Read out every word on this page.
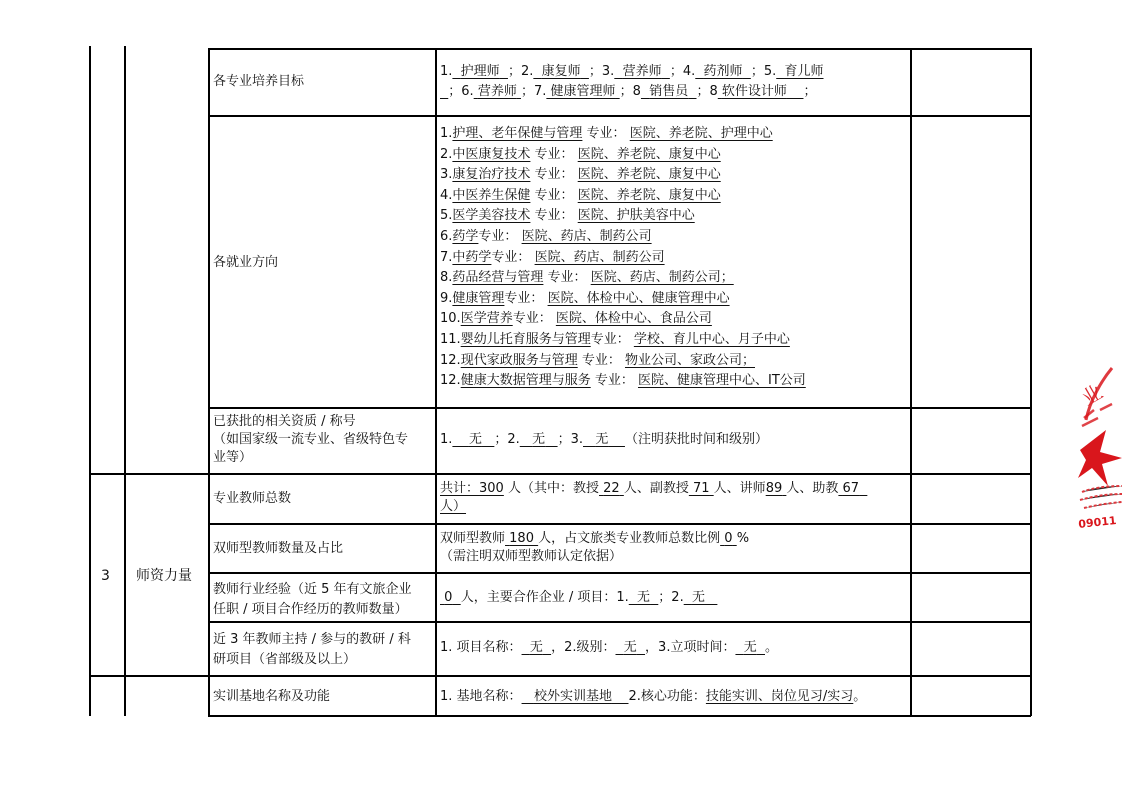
各专业培养目标
1. 护理师 ；2. 康复师 ；3. 营养师 ；4. 药剂师 ；5. 育儿师
；6. 营养师 ；7. 健康管理师 ；8 销售员 ；8 软件设计师 ；
各就业方向
1.护理、老年保健与管理 专业： 医院、养老院、护理中心
2.中医康复技术 专业： 医院、养老院、康复中心
3.康复治疗技术 专业： 医院、养老院、康复中心
4.中医养生保健 专业： 医院、养老院、康复中心
5.医学美容技术 专业： 医院、护肤美容中心
6.药学专业： 医院、药店、制药公司
7.中药学专业： 医院、药店、制药公司
8.药品经营与管理 专业： 医院、药店、制药公司；
9.健康管理专业： 医院、体检中心、健康管理中心
10.医学营养专业： 医院、体检中心、食品公司
11.婴幼儿托育服务与管理专业： 学校、育儿中心、月子中心
12.现代家政服务与管理 专业： 物业公司、家政公司；
12.健康大数据管理与服务 专业： 医院、健康管理中心、IT公司
已获批的相关资质 / 称号
（如国家级一流专业、省级特色专
业等）
1. 无 ；2. 无 ；3. 无 （注明获批时间和级别）
3 师资力量
专业教师总数
共计：300 人（其中：教授 22 人、副教授 71 人、讲师89 人、助教 67
人）
双师型教师数量及占比
双师型教师 180 人，占文旅类专业教师总数比例 0 %
（需注明双师型教师认定依据）
教师行业经验（近 5 年有文旅企业
任职 / 项目合作经历的教师数量）
0 人，主要合作企业 / 项目：1. 无 ；2. 无
近 3 年教师主持 / 参与的教研 / 科
研项目（省部级及以上）
1. 项目名称： 无 ，2.级别： 无 ，3.立项时间： 无 。
实训基地名称及功能	1. 基地名称： 校外实训基地 2.核心功能：技能实训、岗位见习/实习。
业
09011
